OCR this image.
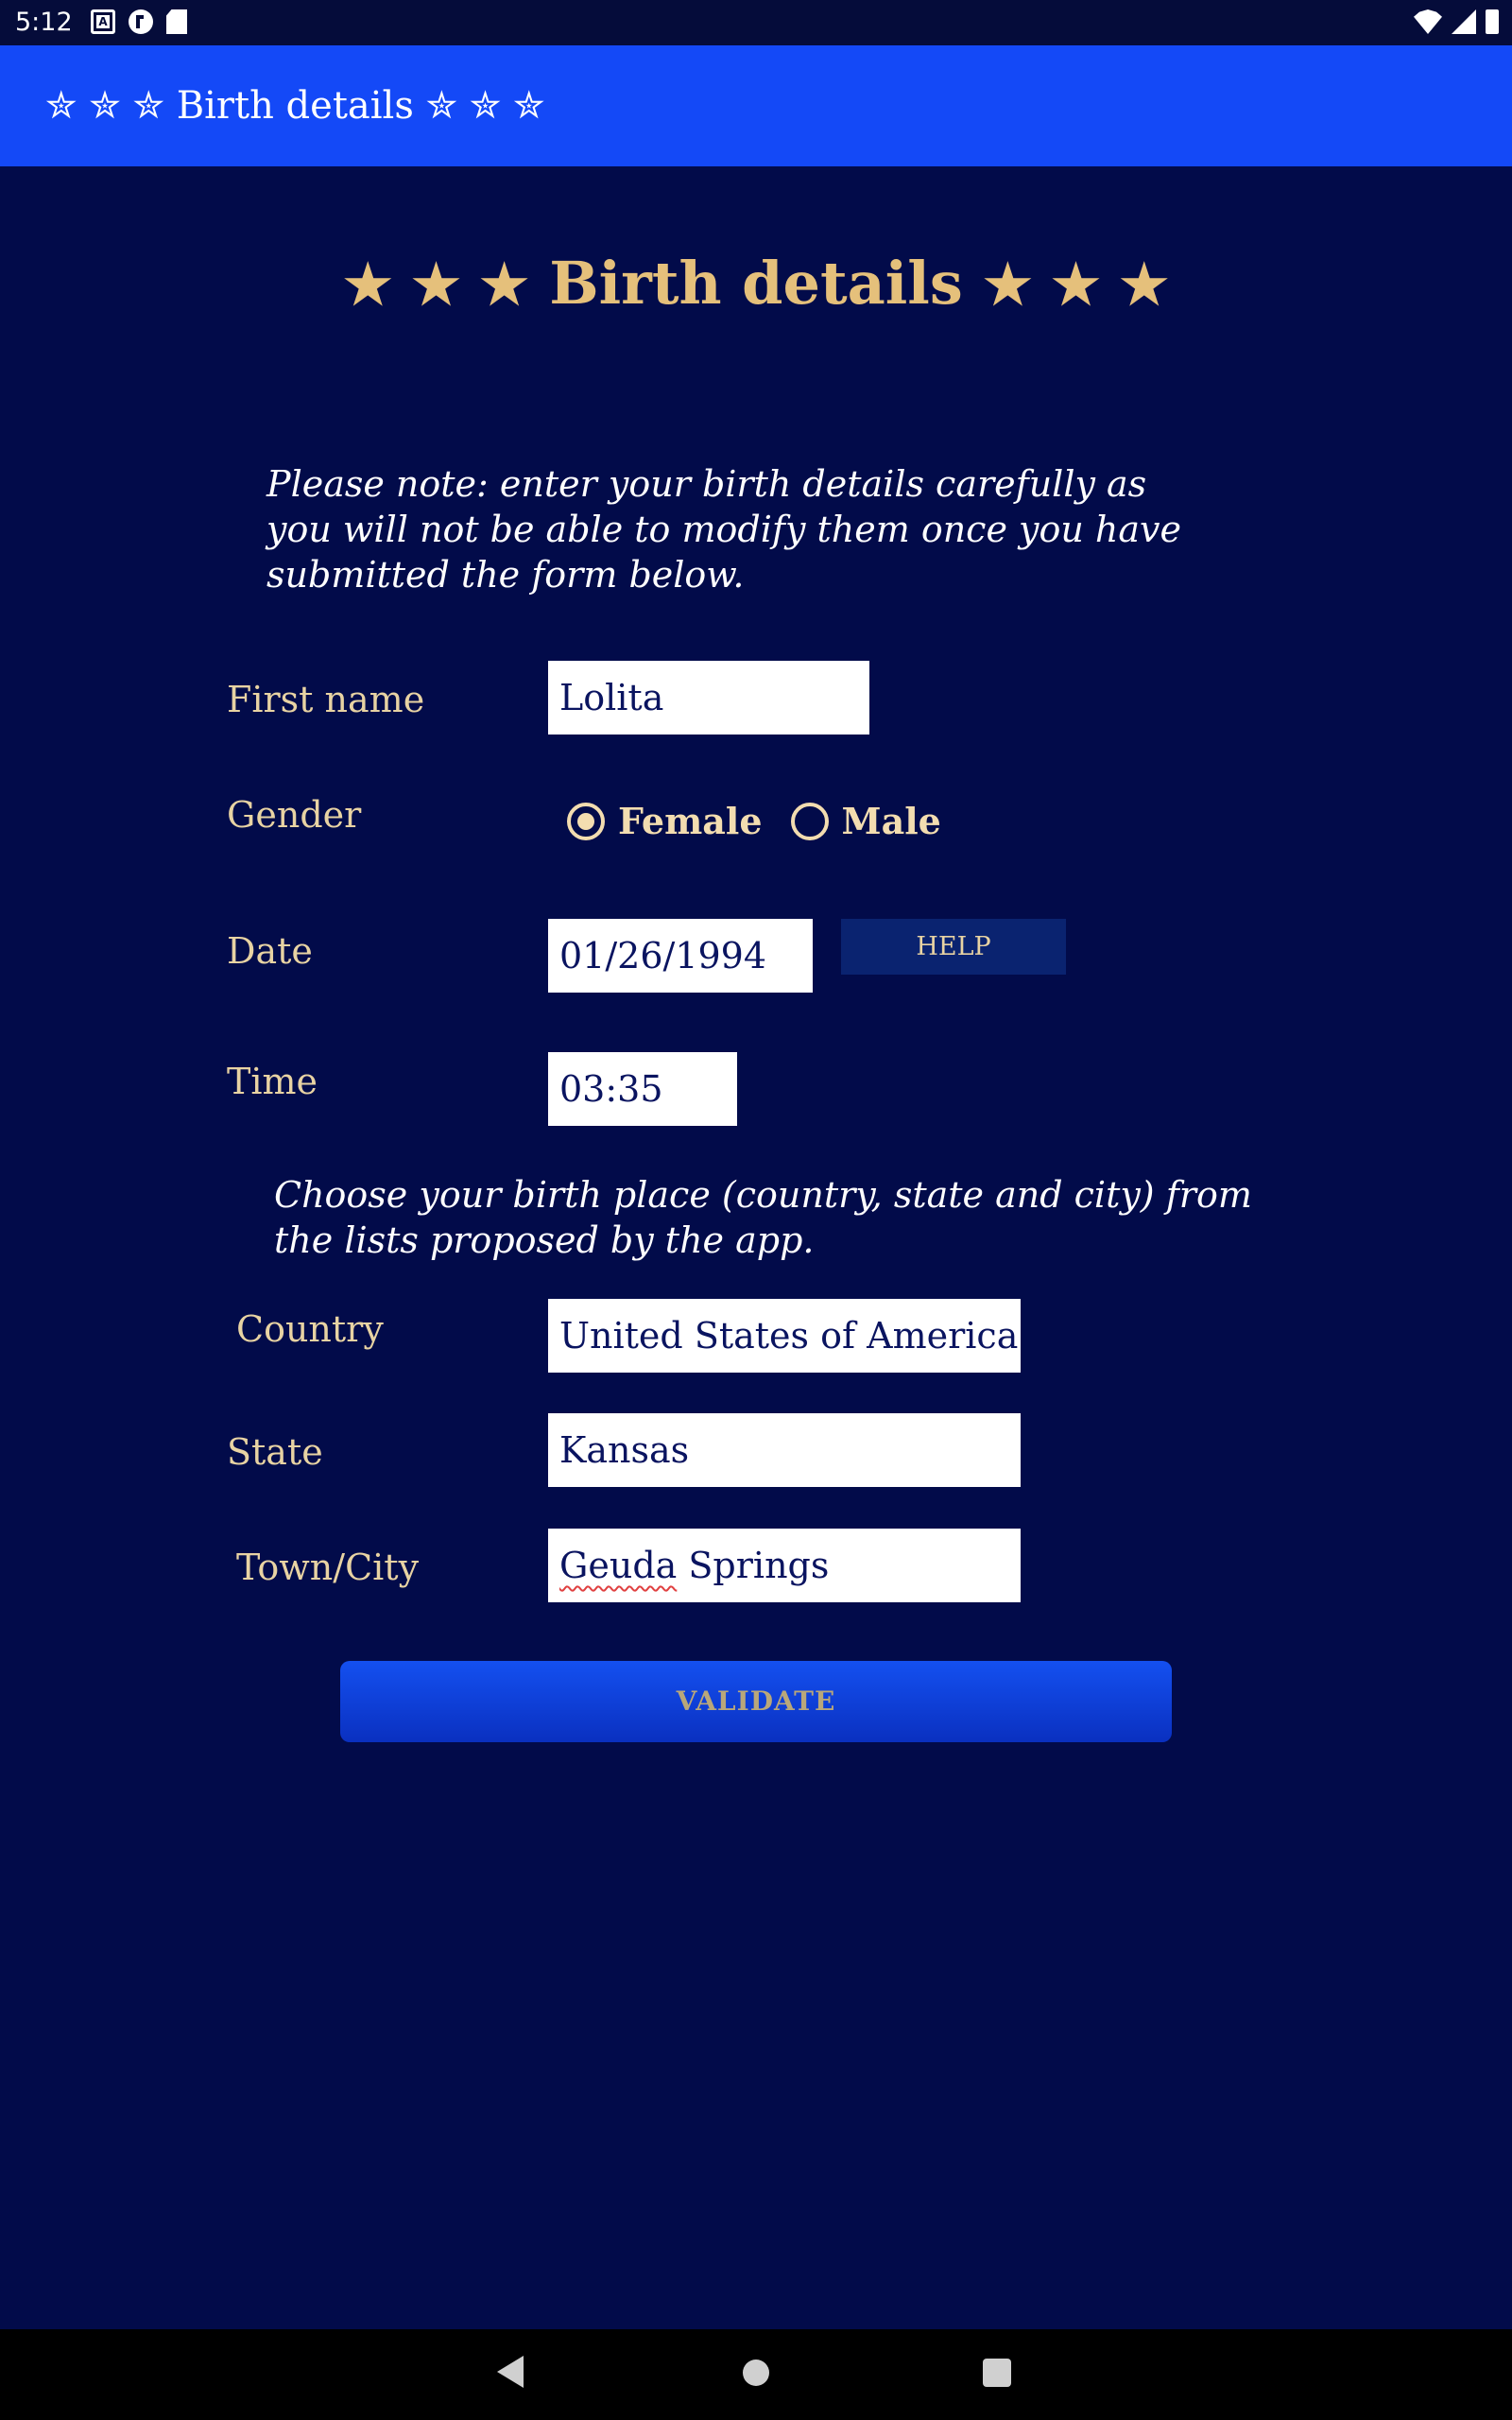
5:12 A
✮ ✮ ✮ Birth details ✮ ✮ ✮
★ ★ ★ Birth details ★ ★ ★
Please note: enter your birth details carefully as you will not be able to modify them once you have submitted the form below.
First name	Lolita
Gender	Female Male
Date	01/26/1994	HELP
Time	03:35
Choose your birth place (country, state and city) from the lists proposed by the app.
Country	United States of America
State	Kansas
Town/City	Geuda Springs
VALIDATE
